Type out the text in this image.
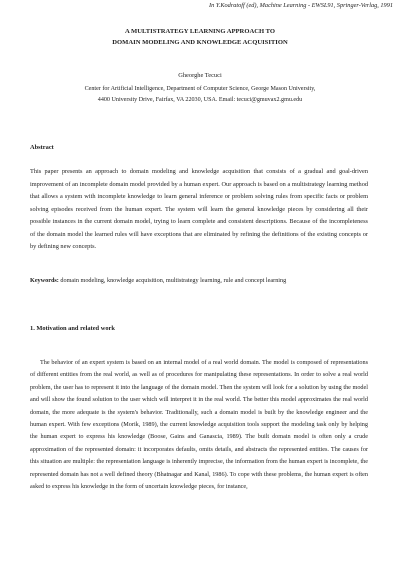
In Y.Kodratoff (ed), Machine Learning - EWSL91, Springer-Verlag, 1991
A MULTISTRATEGY LEARNING APPROACH TO
DOMAIN MODELING AND KNOWLEDGE ACQUISITION
Gheorghe Tecuci
Center for Artificial Intelligence, Department of Computer Science, George Mason University,
4400 University Drive, Fairfax, VA 22030, USA. Email: tecuci@gmuvax2.gmu.edu
Abstract
This paper presents an approach to domain modeling and knowledge acquisition that consists of a gradual and goal-driven improvement of an incomplete domain model provided by a human expert. Our approach is based on a multistrategy learning method that allows a system with incomplete knowledge to learn general inference or problem solving rules from specific facts or problem solving episodes received from the human expert. The system will learn the general knowledge pieces by considering all their possible instances in the current domain model, trying to learn complete and consistent descriptions. Because of the incompleteness of the domain model the learned rules will have exceptions that are eliminated by refining the definitions of the existing concepts or by defining new concepts.
Keywords: domain modeling, knowledge acquisition, multistrategy learning, rule and concept learning
1. Motivation and related work
The behavior of an expert system is based on an internal model of a real world domain. The model is composed of representations of different entities from the real world, as well as of procedures for manipulating these representations. In order to solve a real world problem, the user has to represent it into the language of the domain model. Then the system will look for a solution by using the model and will show the found solution to the user which will interpret it in the real world. The better this model approximates the real world domain, the more adequate is the system's behavior. Traditionally, such a domain model is built by the knowledge engineer and the human expert. With few exceptions (Morik, 1989), the current knowledge acquisition tools support the modeling task only by helping the human expert to express his knowledge (Boose, Gains and Ganascia, 1989). The built domain model is often only a crude approximation of the represented domain: it incorporates defaults, omits details, and abstracts the represented entities. The causes for this situation are multiple: the representation language is inherently imprecise, the information from the human expert is incomplete, the represented domain has not a well defined theory (Bhatnagar and Kanal, 1986). To cope with these problems, the human expert is often asked to express his knowledge in the form of uncertain knowledge pieces, for instance,
